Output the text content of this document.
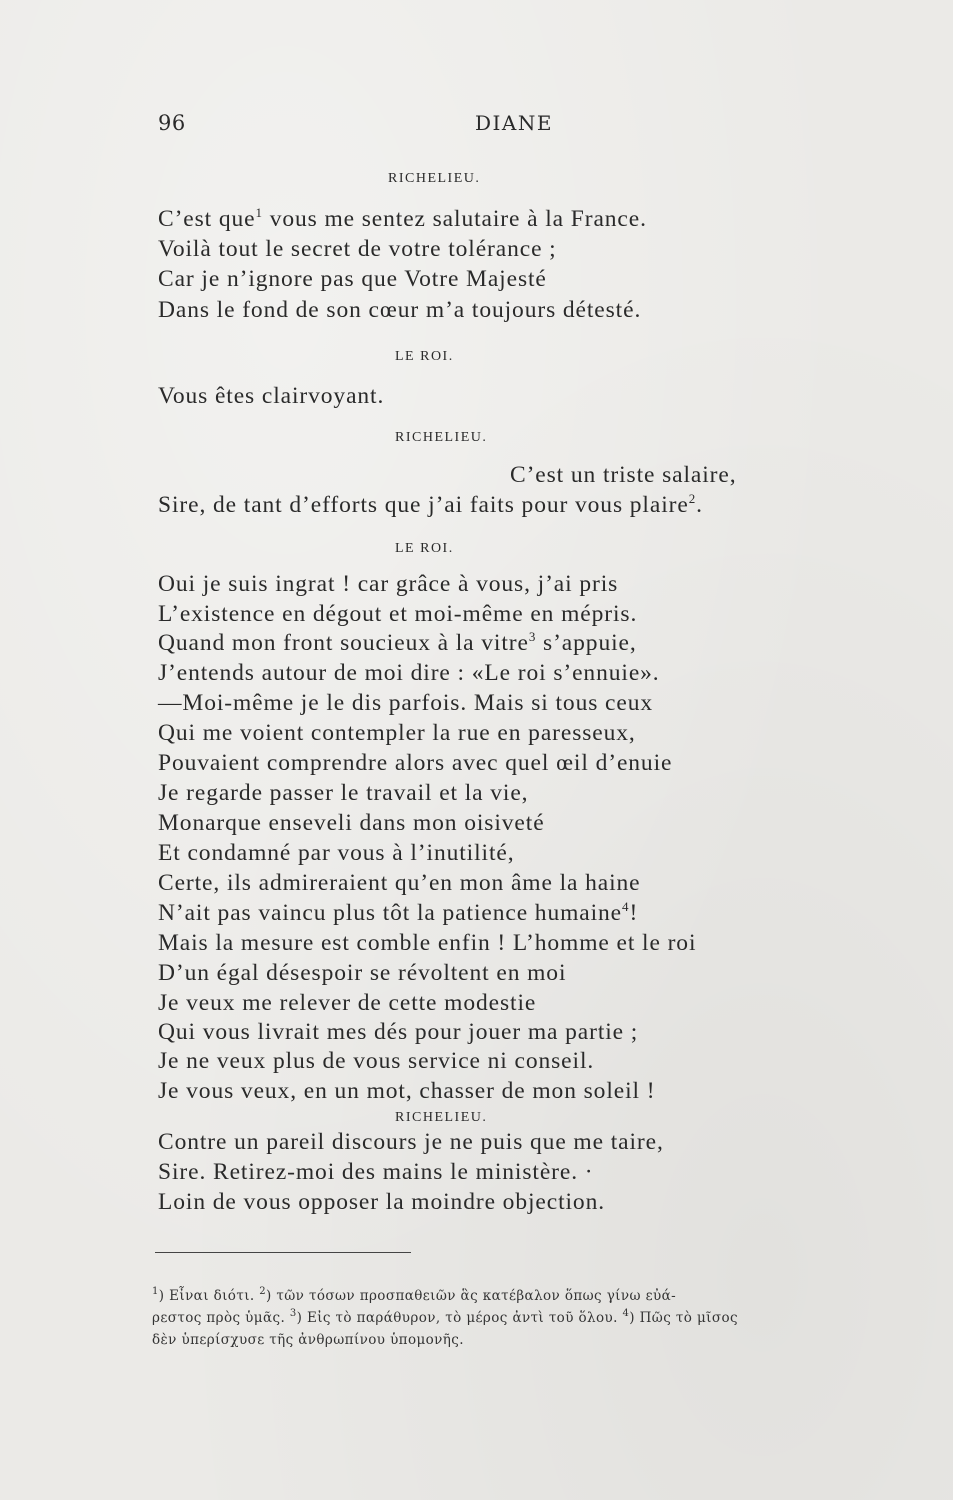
96	DIANE
RICHELIEU.
C’est que$^1$ vous me sentez salutaire à la France.
Voilà tout le secret de votre tolérance ;
Car je n’ignore pas que Votre Majesté
Dans le fond de son cœur m’a toujours détesté.
LE ROI.
Vous êtes clairvoyant.
RICHELIEU.
C’est un triste salaire,
Sire, de tant d’efforts que j’ai faits pour vous plaire$^2$.
LE ROI.
Oui je suis ingrat ! car grâce à vous, j’ai pris
L’existence en dégout et moi-même en mépris.
Quand mon front soucieux à la vitre$^3$ s’appuie,
J’entends autour de moi dire : «Le roi s’ennuie».
—Moi-même je le dis parfois. Mais si tous ceux
Qui me voient contempler la rue en paresseux,
Pouvaient comprendre alors avec quel œil d’enuie
Je regarde passer le travail et la vie,
Monarque enseveli dans mon oisiveté
Et condamné par vous à l’inutilité,
Certe, ils admireraient qu’en mon âme la haine
N’ait pas vaincu plus tôt la patience humaine$^4$!
Mais la mesure est comble enfin ! L’homme et le roi
D’un égal désespoir se révoltent en moi
Je veux me relever de cette modestie
Qui vous livrait mes dés pour jouer ma partie ;
Je ne veux plus de vous service ni conseil.
Je vous veux, en un mot, chasser de mon soleil !
RICHELIEU.
Contre un pareil discours je ne puis que me taire,
Sire. Retirez-moi des mains le ministère. ·
Loin de vous opposer la moindre objection.
$^1$) Εἶναι διότι. $^2$) τῶν τόσων προσπαθειῶν ἃς κατέβαλον ὅπως γίνω εὐά-
ρεστος πρὸς ὑμᾶς. $^3$) Εἰς τὸ παράθυρον, τὸ μέρος ἀντὶ τοῦ ὅλου. $^4$) Πῶς τὸ μῖσος
δὲν ὑπερίσχυσε τῆς ἀνθρωπίνου ὑπομονῆς.
